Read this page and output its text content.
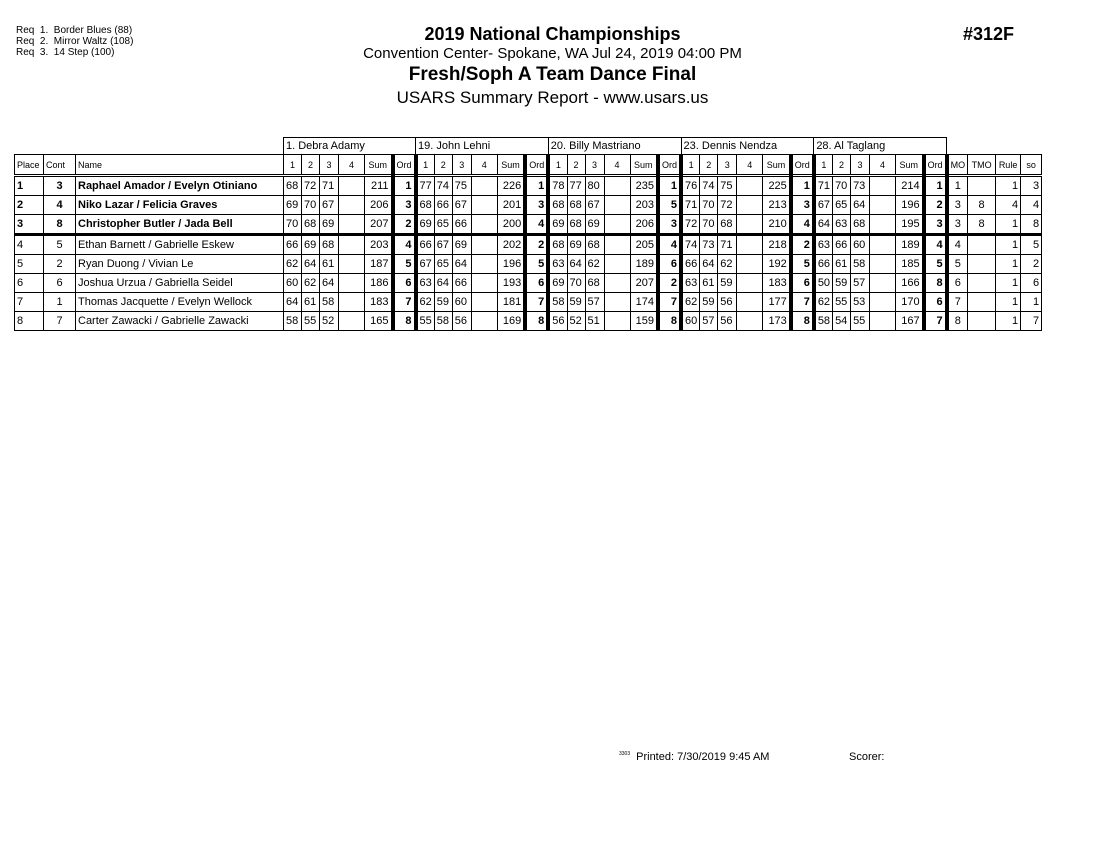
Req  1.  Border Blues (88)
Req  2.  Mirror Waltz (108)
Req  3.  14 Step (100)
2019 National Championships
Convention Center- Spokane, WA Jul 24, 2019 04:00 PM
Fresh/Soph A Team Dance Final
USARS Summary Report - www.usars.us
#312F
			1. Debra Adamy						19. John Lehni						20. Billy Mastriano						23. Dennis Nendza						28. Al Taglang									
Place	Cont	Name	1	2	3	4	Sum	Ord	1	2	3	4	Sum	Ord	1	2	3	4	Sum	Ord	1	2	3	4	Sum	Ord	1	2	3	4	Sum	Ord	MO	TMO	Rule	so
1	3	Raphael Amador / Evelyn Otiniano	68	72	71		211	1	77	74	75		226	1	78	77	80		235	1	76	74	75		225	1	71	70	73		214	1	1		1	3
2	4	Niko Lazar / Felicia Graves	69	70	67		206	3	68	66	67		201	3	68	68	67		203	5	71	70	72		213	3	67	65	64		196	2	3	8	4	4
3	8	Christopher Butler / Jada Bell	70	68	69		207	2	69	65	66		200	4	69	68	69		206	3	72	70	68		210	4	64	63	68		195	3	3	8	1	8
4	5	Ethan Barnett / Gabrielle Eskew	66	69	68		203	4	66	67	69		202	2	68	69	68		205	4	74	73	71		218	2	63	66	60		189	4	4		1	5
5	2	Ryan Duong / Vivian Le	62	64	61		187	5	67	65	64		196	5	63	64	62		189	6	66	64	62		192	5	66	61	58		185	5	5		1	2
6	6	Joshua Urzua / Gabriella Seidel	60	62	64		186	6	63	64	66		193	6	69	70	68		207	2	63	61	59		183	6	50	59	57		166	8	6		1	6
7	1	Thomas Jacquette / Evelyn Wellock	64	61	58		183	7	62	59	60		181	7	58	59	57		174	7	62	59	56		177	7	62	55	53		170	6	7		1	1
8	7	Carter Zawacki / Gabrielle Zawacki	58	55	52		165	8	55	58	56		169	8	56	52	51		159	8	60	57	56		173	8	58	54	55		167	7	8		1	7
$^{3303}$ Printed: 7/30/2019 9:45 AM	Scorer:
